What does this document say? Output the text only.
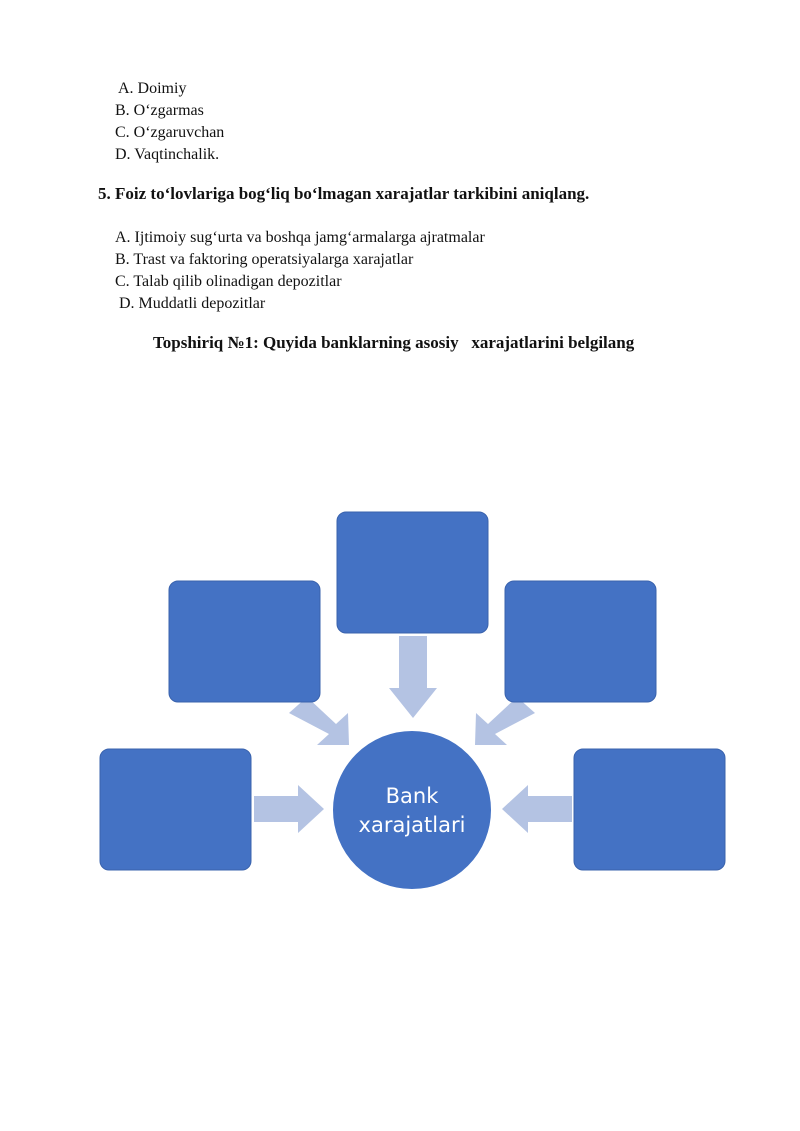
A. Doimiy
B. O‘zgarmas
C. O‘zgaruvchan
D. Vaqtinchalik.
5. Foiz to‘lovlariga bog‘liq bo‘lmagan xarajatlar tarkibini aniqlang.
A. Ijtimoiy sug‘urta va boshqa jamg‘armalarga ajratmalar
B. Trast va faktoring operatsiyalarga xarajatlar
C. Talab qilib olinadigan depozitlar
D. Muddatli depozitlar
Topshiriq №1: Quyida banklarning asosiy   xarajatlarini belgilang
Bank
xarajatlari
